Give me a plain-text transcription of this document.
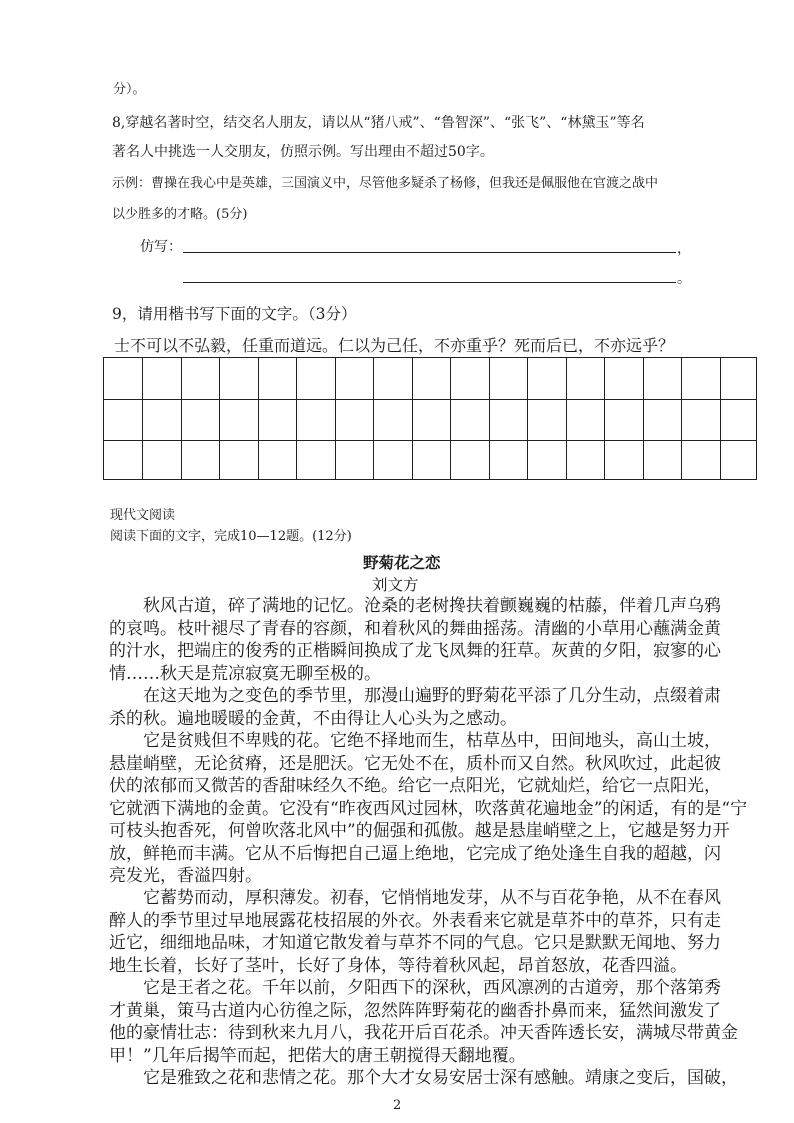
分）。
8,穿越名著时空，结交名人朋友，请以从“猪八戒”、“鲁智深”、“张飞”、“林黛玉”等名
著名人中挑选一人交朋友，仿照示例。写出理由不超过50字。
示例：曹操在我心中是英雄，三国演义中，尽管他多疑杀了杨修，但我还是佩服他在官渡之战中
以少胜多的才略。(5分)
仿写：	，
。
9，请用楷书写下面的文字。（3分）
士不可以不弘毅，任重而道远。仁以为己任，不亦重乎？死而后已，不亦远乎？
现代文阅读
阅读下面的文字，完成10—12题。(12分)
野菊花之恋
刘文方
秋风古道，碎了满地的记忆。沧桑的老树搀扶着颤巍巍的枯藤，伴着几声乌鸦
的哀鸣。枝叶褪尽了青春的容颜，和着秋风的舞曲摇荡。清幽的小草用心蘸满金黄
的汁水，把端庄的俊秀的正楷瞬间换成了龙飞凤舞的狂草。灰黄的夕阳，寂寥的心
情……秋天是荒凉寂寞无聊至极的。
在这天地为之变色的季节里，那漫山遍野的野菊花平添了几分生动，点缀着肃
杀的秋。遍地暖暖的金黄，不由得让人心头为之感动。
它是贫贱但不卑贱的花。它绝不择地而生，枯草丛中，田间地头，高山土坡，
悬崖峭壁，无论贫瘠，还是肥沃。它无处不在，质朴而又自然。秋风吹过，此起彼
伏的浓郁而又微苦的香甜味经久不绝。给它一点阳光，它就灿烂，给它一点阳光，
它就洒下满地的金黄。它没有“昨夜西风过园林，吹落黄花遍地金”的闲适，有的是“宁
可枝头抱香死，何曾吹落北风中”的倔强和孤傲。越是悬崖峭壁之上，它越是努力开
放，鲜艳而丰满。它从不后悔把自己逼上绝地，它完成了绝处逢生自我的超越，闪
亮发光，香溢四射。
它蓄势而动，厚积薄发。初春，它悄悄地发芽，从不与百花争艳，从不在春风
醉人的季节里过早地展露花枝招展的外衣。外表看来它就是草芥中的草芥，只有走
近它，细细地品味，才知道它散发着与草芥不同的气息。它只是默默无闻地、努力
地生长着，长好了茎叶，长好了身体，等待着秋风起，昂首怒放，花香四溢。
它是王者之花。千年以前，夕阳西下的深秋，西风凛冽的古道旁，那个落第秀
才黄巢，策马古道内心彷徨之际，忽然阵阵野菊花的幽香扑鼻而来，猛然间激发了
他的豪情壮志：待到秋来九月八，我花开后百花杀。冲天香阵透长安，满城尽带黄金
甲！”几年后揭竿而起，把偌大的唐王朝搅得天翻地覆。
它是雅致之花和悲情之花。那个大才女易安居士深有感触。靖康之变后，国破，
2
